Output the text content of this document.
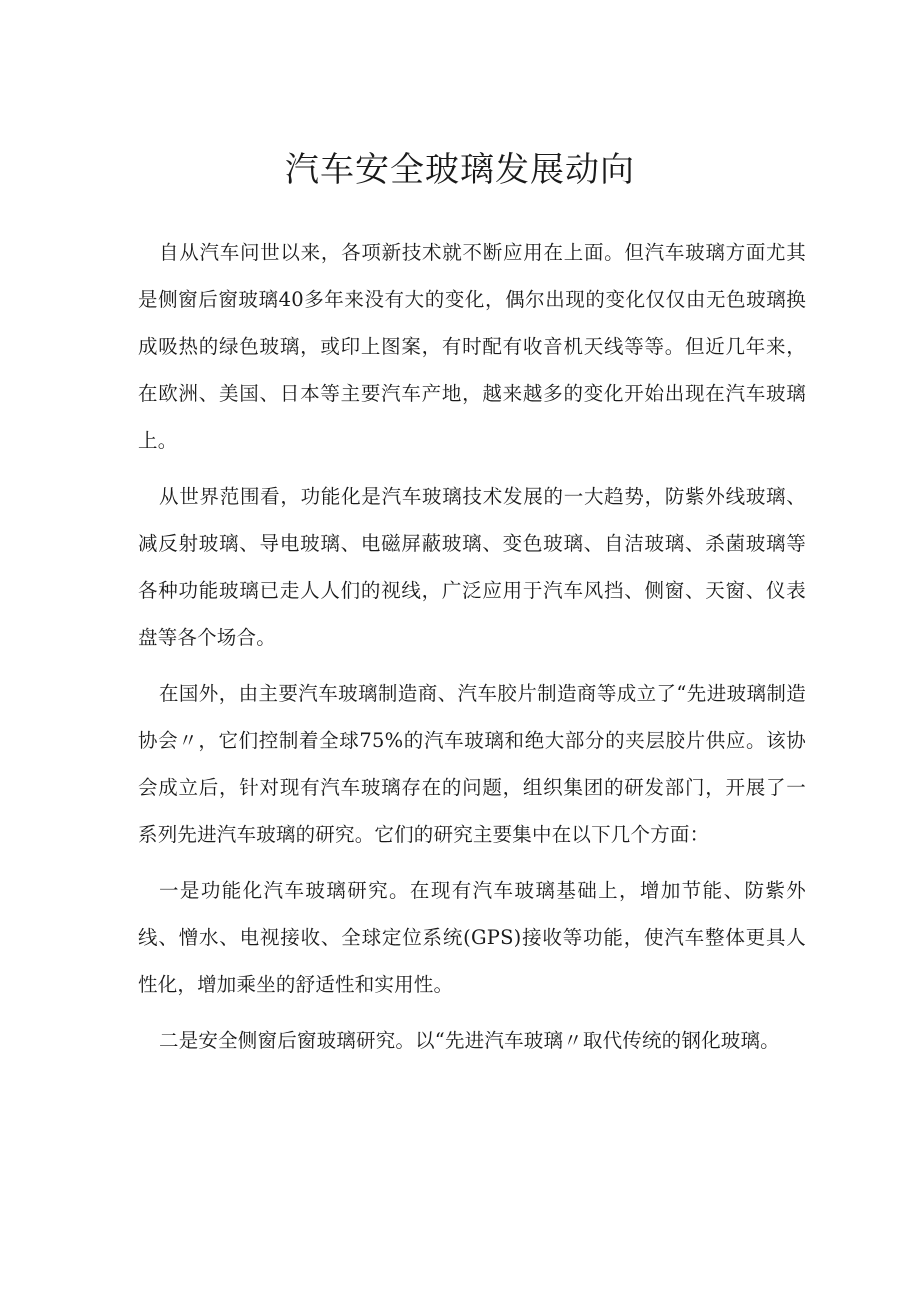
汽车安全玻璃发展动向

自从汽车问世以来，各项新技术就不断应用在上面。但汽车玻璃方面尤其是侧窗后窗玻璃40多年来没有大的变化，偶尔出现的变化仅仅由无色玻璃换成吸热的绿色玻璃，或印上图案，有时配有收音机天线等等。但近几年来，在欧洲、美国、日本等主要汽车产地，越来越多的变化开始出现在汽车玻璃上。

从世界范围看，功能化是汽车玻璃技术发展的一大趋势，防紫外线玻璃、减反射玻璃、导电玻璃、电磁屏蔽玻璃、变色玻璃、自洁玻璃、杀菌玻璃等各种功能玻璃已走人人们的视线，广泛应用于汽车风挡、侧窗、天窗、仪表盘等各个场合。

在国外，由主要汽车玻璃制造商、汽车胶片制造商等成立了“先进玻璃制造协会〃，它们控制着全球75%的汽车玻璃和绝大部分的夹层胶片供应。该协会成立后，针对现有汽车玻璃存在的问题，组织集团的研发部门，开展了一系列先进汽车玻璃的研究。它们的研究主要集中在以下几个方面：

一是功能化汽车玻璃研究。在现有汽车玻璃基础上，增加节能、防紫外线、憎水、电视接收、全球定位系统(GPS)接收等功能，使汽车整体更具人性化，增加乘坐的舒适性和实用性。

二是安全侧窗后窗玻璃研究。以“先进汽车玻璃〃取代传统的钢化玻璃。
